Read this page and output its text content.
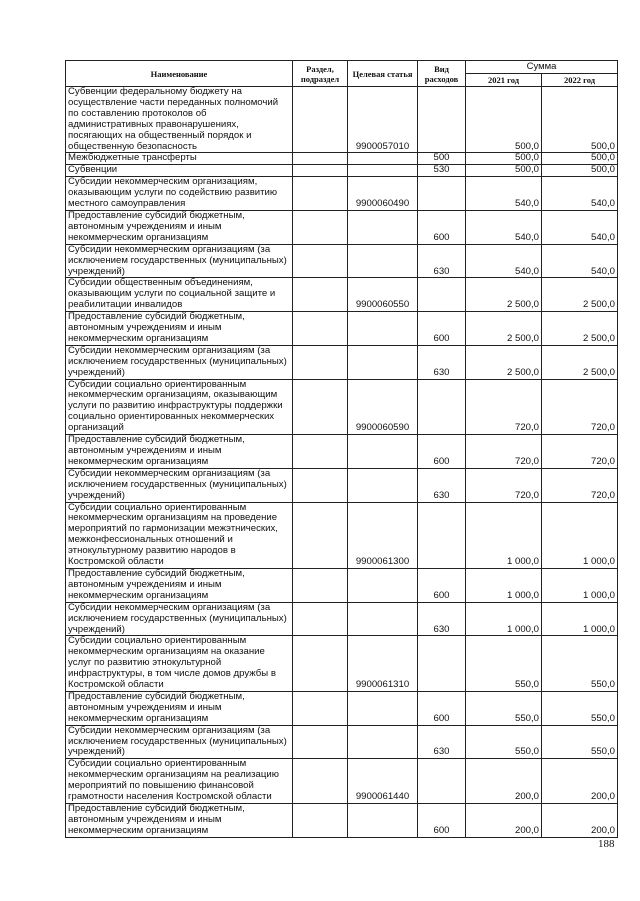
Наименование	Раздел, подраздел	Целевая статья	Вид расходов	Сумма	
				2021 год	2022 год
Субвенции федеральному бюджету на осуществление части переданных полномочий по составлению протоколов об административных правонарушениях, посягающих на общественный порядок и общественную безопасность		9900057010		500,0	500,0
Межбюджетные трансферты			500	500,0	500,0
Субвенции			530	500,0	500,0
Субсидии некоммерческим организациям, оказывающим услуги по содействию развитию местного самоуправления		9900060490		540,0	540,0
Предоставление субсидий бюджетным, автономным учреждениям и иным некоммерческим организациям			600	540,0	540,0
Субсидии некоммерческим организациям (за исключением государственных (муниципальных) учреждений)			630	540,0	540,0
Субсидии общественным объединениям, оказывающим услуги по социальной защите и реабилитации инвалидов		9900060550		2 500,0	2 500,0
Предоставление субсидий бюджетным, автономным учреждениям и иным некоммерческим организациям			600	2 500,0	2 500,0
Субсидии некоммерческим организациям (за исключением государственных (муниципальных) учреждений)			630	2 500,0	2 500,0
Субсидии социально ориентированным некоммерческим организациям, оказывающим услуги по развитию инфраструктуры поддержки социально ориентированных некоммерческих организаций		9900060590		720,0	720,0
Предоставление субсидий бюджетным, автономным учреждениям и иным некоммерческим организациям			600	720,0	720,0
Субсидии некоммерческим организациям (за исключением государственных (муниципальных) учреждений)			630	720,0	720,0
Субсидии социально ориентированным некоммерческим организациям на проведение мероприятий по гармонизации межэтнических, межконфессиональных отношений и этнокультурному развитию народов в Костромской области		9900061300		1 000,0	1 000,0
Предоставление субсидий бюджетным, автономным учреждениям и иным некоммерческим организациям			600	1 000,0	1 000,0
Субсидии некоммерческим организациям (за исключением государственных (муниципальных) учреждений)			630	1 000,0	1 000,0
Субсидии социально ориентированным некоммерческим организациям на оказание услуг по развитию этнокультурной инфраструктуры, в том числе домов дружбы в Костромской области		9900061310		550,0	550,0
Предоставление субсидий бюджетным, автономным учреждениям и иным некоммерческим организациям			600	550,0	550,0
Субсидии некоммерческим организациям (за исключением государственных (муниципальных) учреждений)			630	550,0	550,0
Субсидии социально ориентированным некоммерческим организациям на реализацию мероприятий по повышению финансовой грамотности населения Костромской области		9900061440		200,0	200,0
Предоставление субсидий бюджетным, автономным учреждениям и иным некоммерческим организациям			600	200,0	200,0
188
